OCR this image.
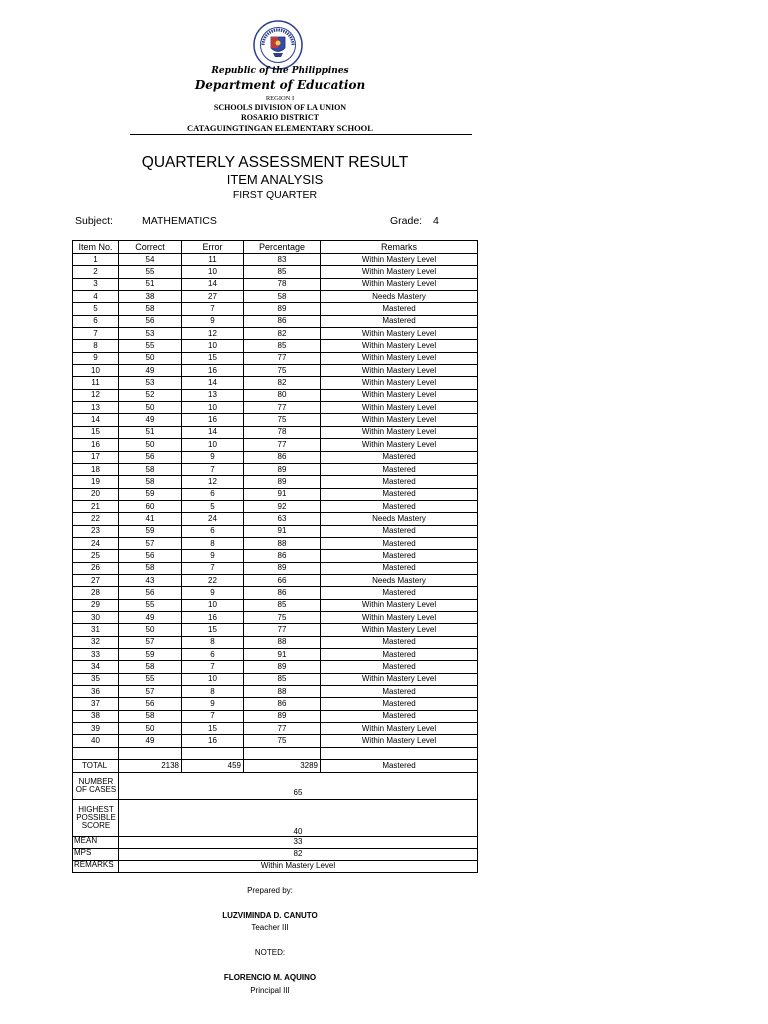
Republic of the Philippines
Department of Education
REGION I
SCHOOLS DIVISION OF LA UNION
ROSARIO DISTRICT
CATAGUINGTINGAN ELEMENTARY SCHOOL
QUARTERLY ASSESSMENT RESULT
ITEM ANALYSIS
FIRST QUARTER
Subject:	MATHEMATICS	Grade: 4
Item No.	Correct	Error	Percentage	Remarks
1	54	11	83	Within Mastery Level
2	55	10	85	Within Mastery Level
3	51	14	78	Within Mastery Level
4	38	27	58	Needs Mastery
5	58	7	89	Mastered
6	56	9	86	Mastered
7	53	12	82	Within Mastery Level
8	55	10	85	Within Mastery Level
9	50	15	77	Within Mastery Level
10	49	16	75	Within Mastery Level
11	53	14	82	Within Mastery Level
12	52	13	80	Within Mastery Level
13	50	10	77	Within Mastery Level
14	49	16	75	Within Mastery Level
15	51	14	78	Within Mastery Level
16	50	10	77	Within Mastery Level
17	56	9	86	Mastered
18	58	7	89	Mastered
19	58	12	89	Mastered
20	59	6	91	Mastered
21	60	5	92	Mastered
22	41	24	63	Needs Mastery
23	59	6	91	Mastered
24	57	8	88	Mastered
25	56	9	86	Mastered
26	58	7	89	Mastered
27	43	22	66	Needs Mastery
28	56	9	86	Mastered
29	55	10	85	Within Mastery Level
30	49	16	75	Within Mastery Level
31	50	15	77	Within Mastery Level
32	57	8	88	Mastered
33	59	6	91	Mastered
34	58	7	89	Mastered
35	55	10	85	Within Mastery Level
36	57	8	88	Mastered
37	56	9	86	Mastered
38	58	7	89	Mastered
39	50	15	77	Within Mastery Level
40	49	16	75	Within Mastery Level

TOTAL	2138	459	3289	Mastered

NUMBER
OF CASES	65			

HIGHEST
POSSIBLE
SCORE	40			
MEAN	33			
MPS	82			
REMARKS	Within Mastery Level			
Prepared by:
LUZVIMINDA D. CANUTO
Teacher III
NOTED:
FLORENCIO M. AQUINO
Principal III
